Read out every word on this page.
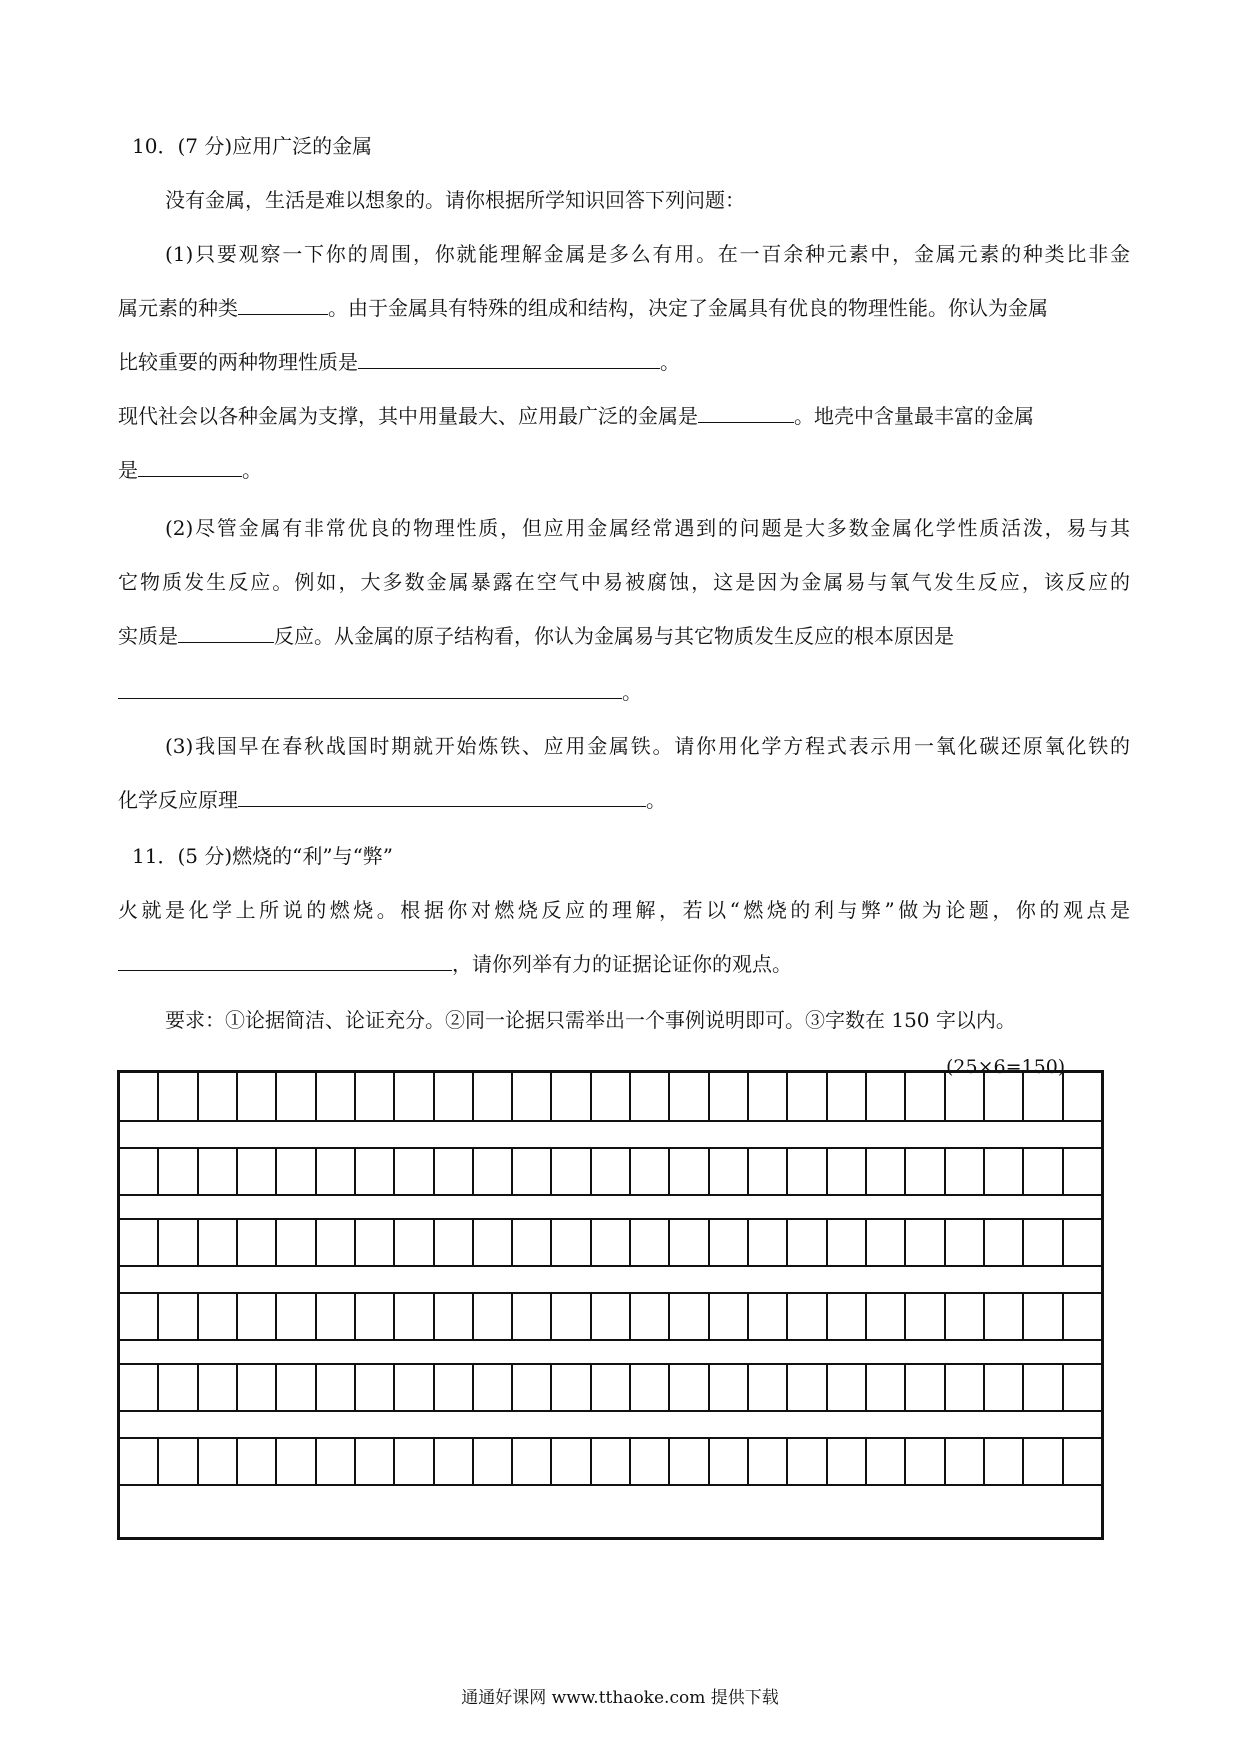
10．(7 分)应用广泛的金属
没有金属，生活是难以想象的。请你根据所学知识回答下列问题：
(1)只要观察一下你的周围，你就能理解金属是多么有用。在一百余种元素中，金属元素的种类比非金
属元素的种类	。由于金属具有特殊的组成和结构，决定了金属具有优良的物理性能。你认为金属
比较重要的两种物理性质是	。
现代社会以各种金属为支撑，其中用量最大、应用最广泛的金属是	。地壳中含量最丰富的金属
是	。
(2)尽管金属有非常优良的物理性质，但应用金属经常遇到的问题是大多数金属化学性质活泼，易与其
它物质发生反应。例如，大多数金属暴露在空气中易被腐蚀，这是因为金属易与氧气发生反应，该反应的
实质是	反应。从金属的原子结构看，你认为金属易与其它物质发生反应的根本原因是
。
(3)我国早在春秋战国时期就开始炼铁、应用金属铁。请你用化学方程式表示用一氧化碳还原氧化铁的
化学反应原理	。
11．(5 分)燃烧的“利”与“弊”
火就是化学上所说的燃烧。根据你对燃烧反应的理解，若以“燃烧的利与弊”做为论题，你的观点是
，请你列举有力的证据论证你的观点。
要求：①论据简洁、论证充分。②同一论据只需举出一个事例说明即可。③字数在 150 字以内。
(25×6=150)
通通好课网 www.tthaoke.com 提供下载
